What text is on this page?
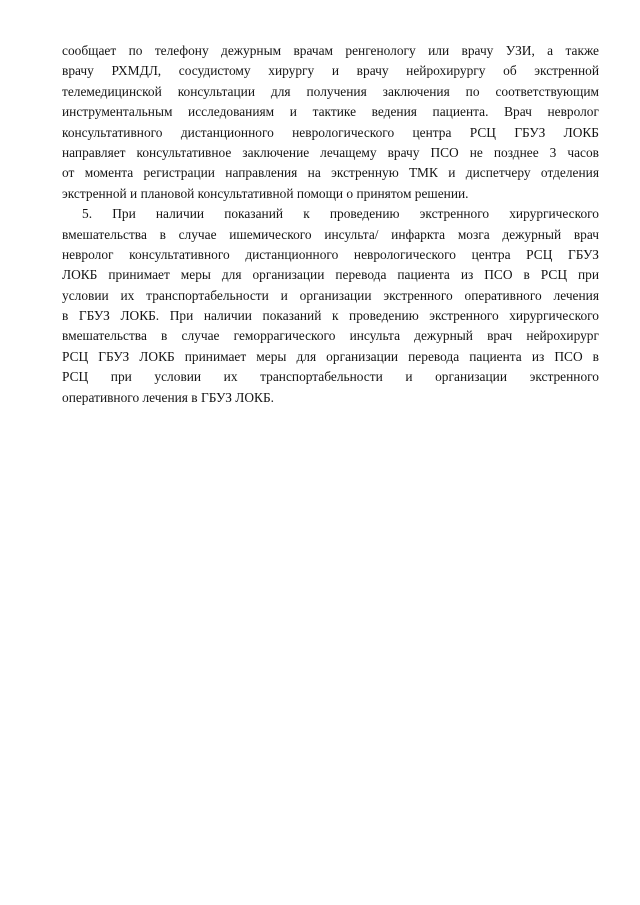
сообщает по телефону дежурным врачам ренгенологу или врачу УЗИ, а также
врачу РХМДЛ, сосудистому хирургу и врачу нейрохирургу об экстренной
телемедицинской консультации для получения заключения по соответствующим
инструментальным исследованиям и тактике ведения пациента. Врач невролог
консультативного дистанционного неврологического центра РСЦ ГБУЗ ЛОКБ
направляет консультативное заключение лечащему врачу ПСО не позднее 3 часов
от момента регистрации направления на экстренную ТМК и диспетчеру отделения
экстренной и плановой консультативной помощи о принятом решении.
5. При наличии показаний к проведению экстренного хирургического
вмешательства в случае ишемического инсульта/ инфаркта мозга дежурный врач
невролог консультативного дистанционного неврологического центра РСЦ ГБУЗ
ЛОКБ принимает меры для организации перевода пациента из ПСО в РСЦ при
условии их транспортабельности и организации экстренного оперативного лечения
в ГБУЗ ЛОКБ. При наличии показаний к проведению экстренного хирургического
вмешательства в случае геморрагического инсульта дежурный врач нейрохирург
РСЦ ГБУЗ ЛОКБ принимает меры для организации перевода пациента из ПСО в
РСЦ при условии их транспортабельности и организации экстренного
оперативного лечения в ГБУЗ ЛОКБ.
